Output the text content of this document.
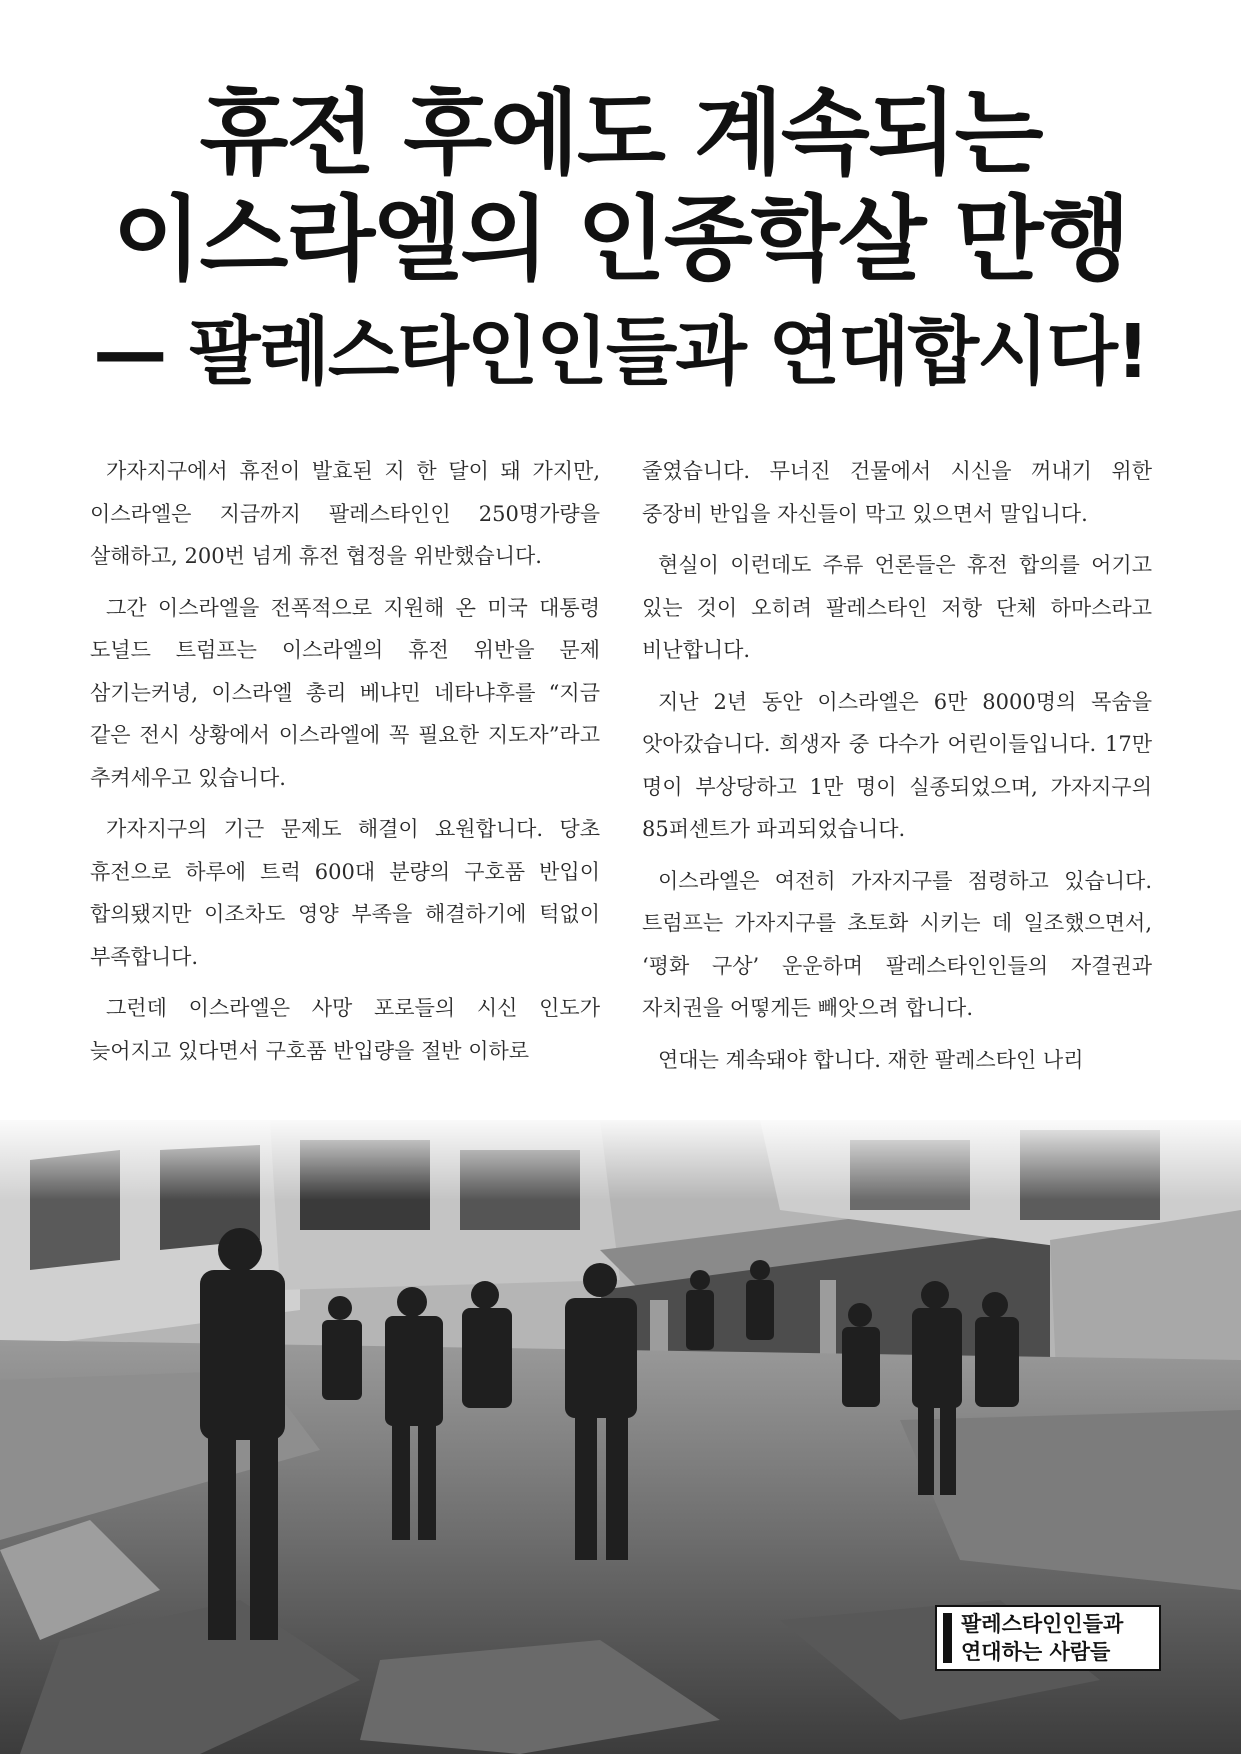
휴전 후에도 계속되는
이스라엘의 인종학살 만행
— 팔레스타인인들과 연대합시다!

가자지구에서 휴전이 발효된 지 한 달이 돼 가지만, 이스라엘은 지금까지 팔레스타인인 250명가량을 살해하고, 200번 넘게 휴전 협정을 위반했습니다.

그간 이스라엘을 전폭적으로 지원해 온 미국 대통령 도널드 트럼프는 이스라엘의 휴전 위반을 문제 삼기는커녕, 이스라엘 총리 베냐민 네타냐후를 “지금 같은 전시 상황에서 이스라엘에 꼭 필요한 지도자”라고 추켜세우고 있습니다.

가자지구의 기근 문제도 해결이 요원합니다. 당초 휴전으로 하루에 트럭 600대 분량의 구호품 반입이 합의됐지만 이조차도 영양 부족을 해결하기에 턱없이 부족합니다.

그런데 이스라엘은 사망 포로들의 시신 인도가 늦어지고 있다면서 구호품 반입량을 절반 이하로

줄였습니다. 무너진 건물에서 시신을 꺼내기 위한 중장비 반입을 자신들이 막고 있으면서 말입니다.

현실이 이런데도 주류 언론들은 휴전 합의를 어기고 있는 것이 오히려 팔레스타인 저항 단체 하마스라고 비난합니다.

지난 2년 동안 이스라엘은 6만 8000명의 목숨을 앗아갔습니다. 희생자 중 다수가 어린이들입니다. 17만 명이 부상당하고 1만 명이 실종되었으며, 가자지구의 85퍼센트가 파괴되었습니다.

이스라엘은 여전히 가자지구를 점령하고 있습니다. 트럼프는 가자지구를 초토화 시키는 데 일조했으면서, ‘평화 구상’ 운운하며 팔레스타인인들의 자결권과 자치권을 어떻게든 빼앗으려 합니다.

연대는 계속돼야 합니다. 재한 팔레스타인 나리

팔레스타인인들과
연대하는 사람들
